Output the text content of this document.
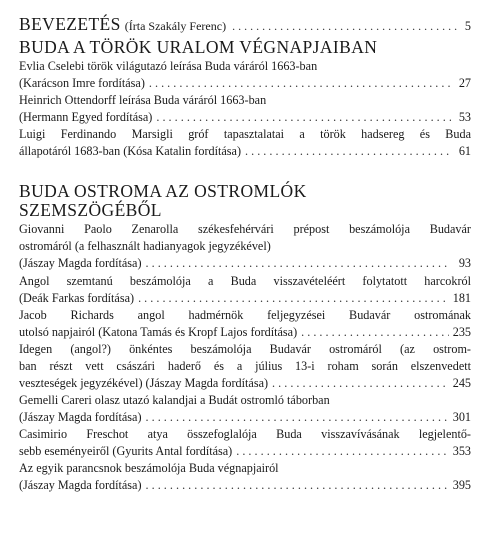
BEVEZETÉS (Írta Szakály Ferenc) . . .	5
BUDA A TÖRÖK URALOM VÉGNAPJAIBAN
Evlia Cselebi török világutazó leírása Buda váráról 1663-ban
(Karácson Imre fordítása) . . .	27
Heinrich Ottendorff leírása Buda váráról 1663-ban
(Hermann Egyed fordítása) . . .	53
Luigi Ferdinando Marsigli gróf tapasztalatai a török hadsereg és Buda
állapotáról 1683-ban (Kósa Katalin fordítása) . . .	61
BUDA OSTROMA AZ OSTROMLÓK
SZEMSZÖGÉBŐL
Giovanni Paolo Zenarolla székesfehérvári prépost beszámolója Budavár
ostromáról (a felhasznált hadianyagok jegyzékével)
(Jászay Magda fordítása) . . .	93
Angol szemtanú beszámolója a Buda visszavételéért folytatott harcokról
(Deák Farkas fordítása) . . .	181
Jacob Richards angol hadmérnök feljegyzései Budavár ostromának
utolsó napjairól (Katona Tamás és Kropf Lajos fordítása) . . .	235
Idegen (angol?) önkéntes beszámolója Budavár ostromáról (az ostrom-
ban részt vett császári haderő és a július 13-i roham során elszenvedett
veszteségek jegyzékével) (Jászay Magda fordítása) . . .	245
Gemelli Careri olasz utazó kalandjai a Budát ostromló táborban
(Jászay Magda fordítása) . . .	301
Casimirio Freschot atya összefoglalója Buda visszavívásának legjelentő-
sebb eseményeiről (Gyurits Antal fordítása) . . .	353
Az egyik parancsnok beszámolója Buda végnapjairól
(Jászay Magda fordítása) . . .	395
